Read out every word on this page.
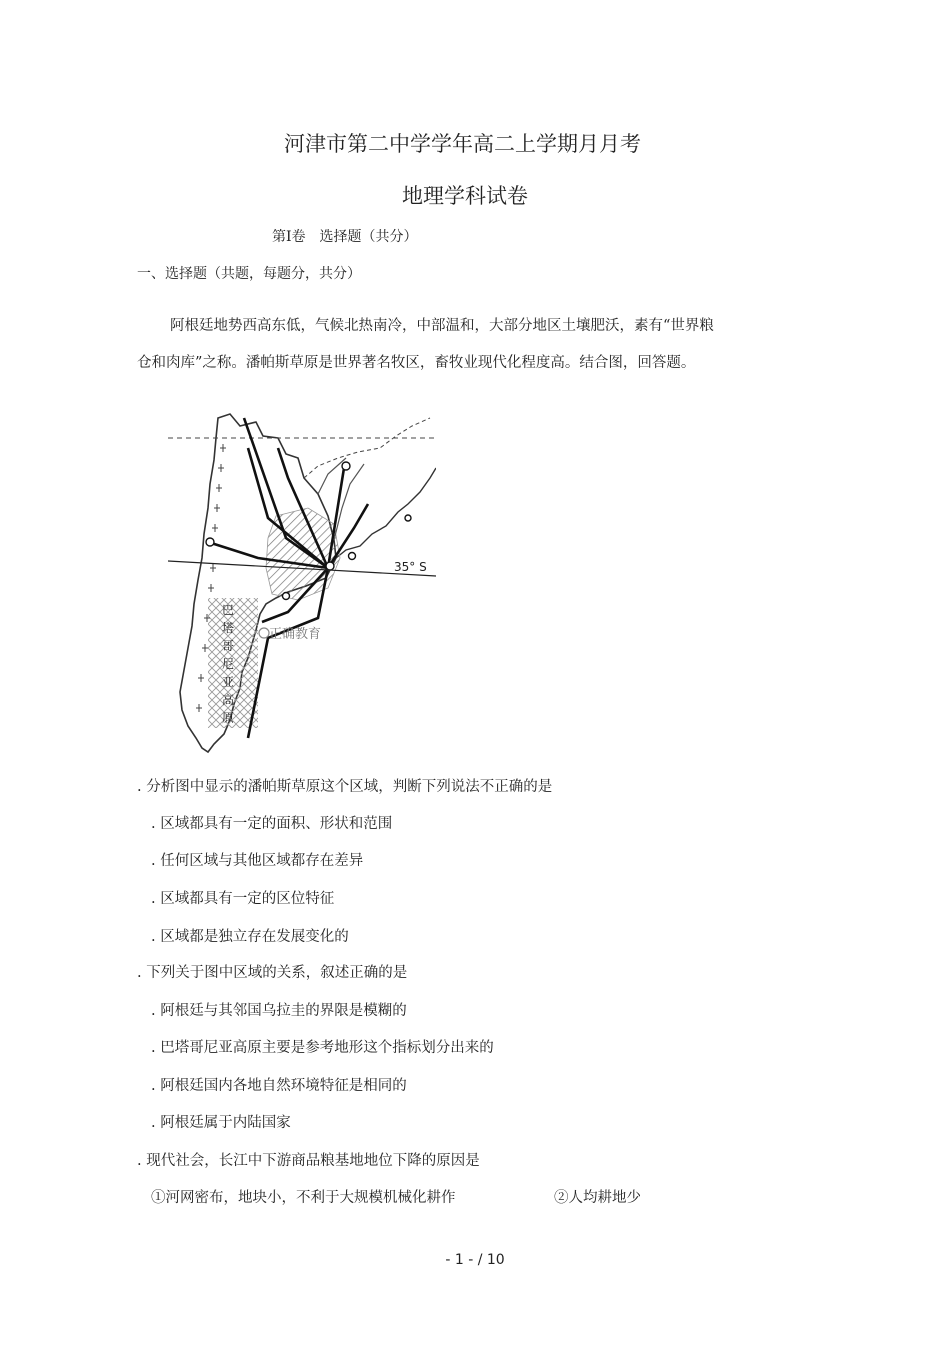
河津市第二中学学年高二上学期月月考
地理学科试卷
第Ⅰ卷　选择题（共分）
一、选择题（共题，每题分，共分）
阿根廷地势西高东低，气候北热南冷，中部温和，大部分地区土壤肥沃，素有“世界粮
仓和肉库”之称。潘帕斯草原是世界著名牧区，畜牧业现代化程度高。结合图，回答题。
35° S
巴
塔
哥
尼
亚
高
原
正确教育
. 分析图中显示的潘帕斯草原这个区域，判断下列说法不正确的是
. 区域都具有一定的面积、形状和范围
. 任何区域与其他区域都存在差异
. 区域都具有一定的区位特征
. 区域都是独立存在发展变化的
. 下列关于图中区域的关系，叙述正确的是
. 阿根廷与其邻国乌拉圭的界限是模糊的
. 巴塔哥尼亚高原主要是参考地形这个指标划分出来的
. 阿根廷国内各地自然环境特征是相同的
. 阿根廷属于内陆国家
. 现代社会，长江中下游商品粮基地地位下降的原因是
①河网密布，地块小，不利于大规模机械化耕作	②人均耕地少
- 1 - / 10
